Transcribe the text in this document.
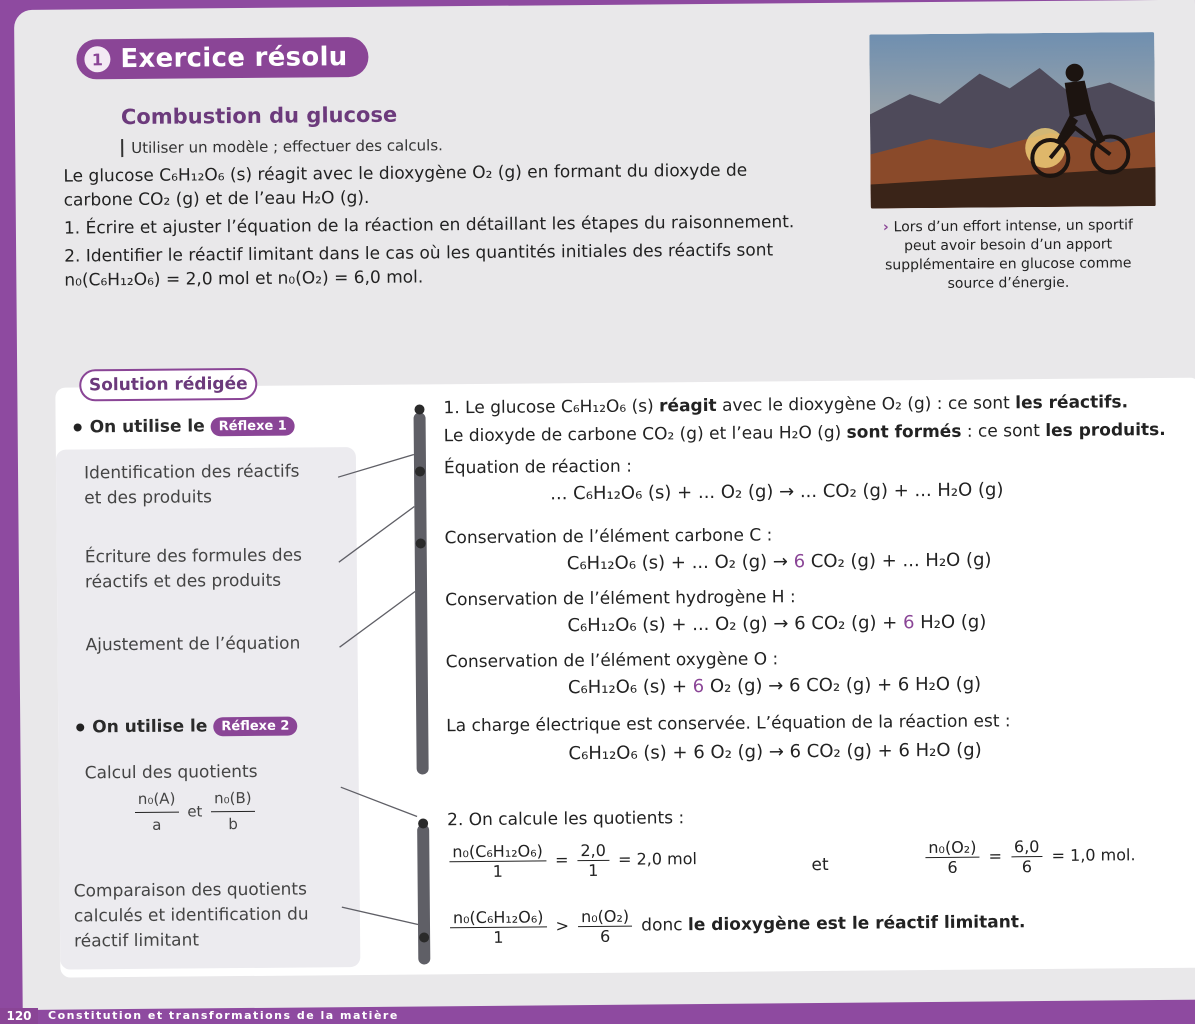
1 Exercice résolu
Combustion du glucose
Utiliser un modèle ; effectuer des calculs.
Le glucose C₆H₁₂O₆ (s) réagit avec le dioxygène O₂ (g) en formant du dioxyde de
carbone CO₂ (g) et de l’eau H₂O (g).
1. Écrire et ajuster l’équation de la réaction en détaillant les étapes du raisonnement.
2. Identifier le réactif limitant dans le cas où les quantités initiales des réactifs sont
n₀(C₆H₁₂O₆) = 2,0 mol et n₀(O₂) = 6,0 mol.
› Lors d’un effort intense, un sportif
peut avoir besoin d’un apport
supplémentaire en glucose comme
source d’énergie.
Solution rédigée
On utilise le Réflexe 1
Identification des réactifs
et des produits
Écriture des formules des
réactifs et des produits
Ajustement de l’équation
On utilise le Réflexe 2
Calcul des quotients
$\frac{\text{n₀(A)}}{a}$ et $\frac{\text{n₀(B)}}{b}$
Comparaison des quotients
calculés et identification du
réactif limitant
1. Le glucose C₆H₁₂O₆ (s) réagit avec le dioxygène O₂ (g) : ce sont les réactifs.
Le dioxyde de carbone CO₂ (g) et l’eau H₂O (g) sont formés : ce sont les produits.
Équation de réaction :
... C₆H₁₂O₆ (s) + ... O₂ (g) → ... CO₂ (g) + ... H₂O (g)
Conservation de l’élément carbone C :
C₆H₁₂O₆ (s) + ... O₂ (g) → 6 CO₂ (g) + ... H₂O (g)
Conservation de l’élément hydrogène H :
C₆H₁₂O₆ (s) + ... O₂ (g) → 6 CO₂ (g) + 6 H₂O (g)
Conservation de l’élément oxygène O :
C₆H₁₂O₆ (s) + 6 O₂ (g) → 6 CO₂ (g) + 6 H₂O (g)
La charge électrique est conservée. L’équation de la réaction est :
C₆H₁₂O₆ (s) + 6 O₂ (g) → 6 CO₂ (g) + 6 H₂O (g)
2. On calcule les quotients :
$\frac{\text{n₀(C₆H₁₂O₆)}}{1} = \frac{2,0}{1} = 2,0$ mol	et	$\frac{\text{n₀(O₂)}}{6} = \frac{6,0}{6} = 1,0$ mol.
$\frac{\text{n₀(C₆H₁₂O₆)}}{1} > \frac{\text{n₀(O₂)}}{6}$ donc le dioxygène est le réactif limitant.
120	Constitution et transformations de la matière
